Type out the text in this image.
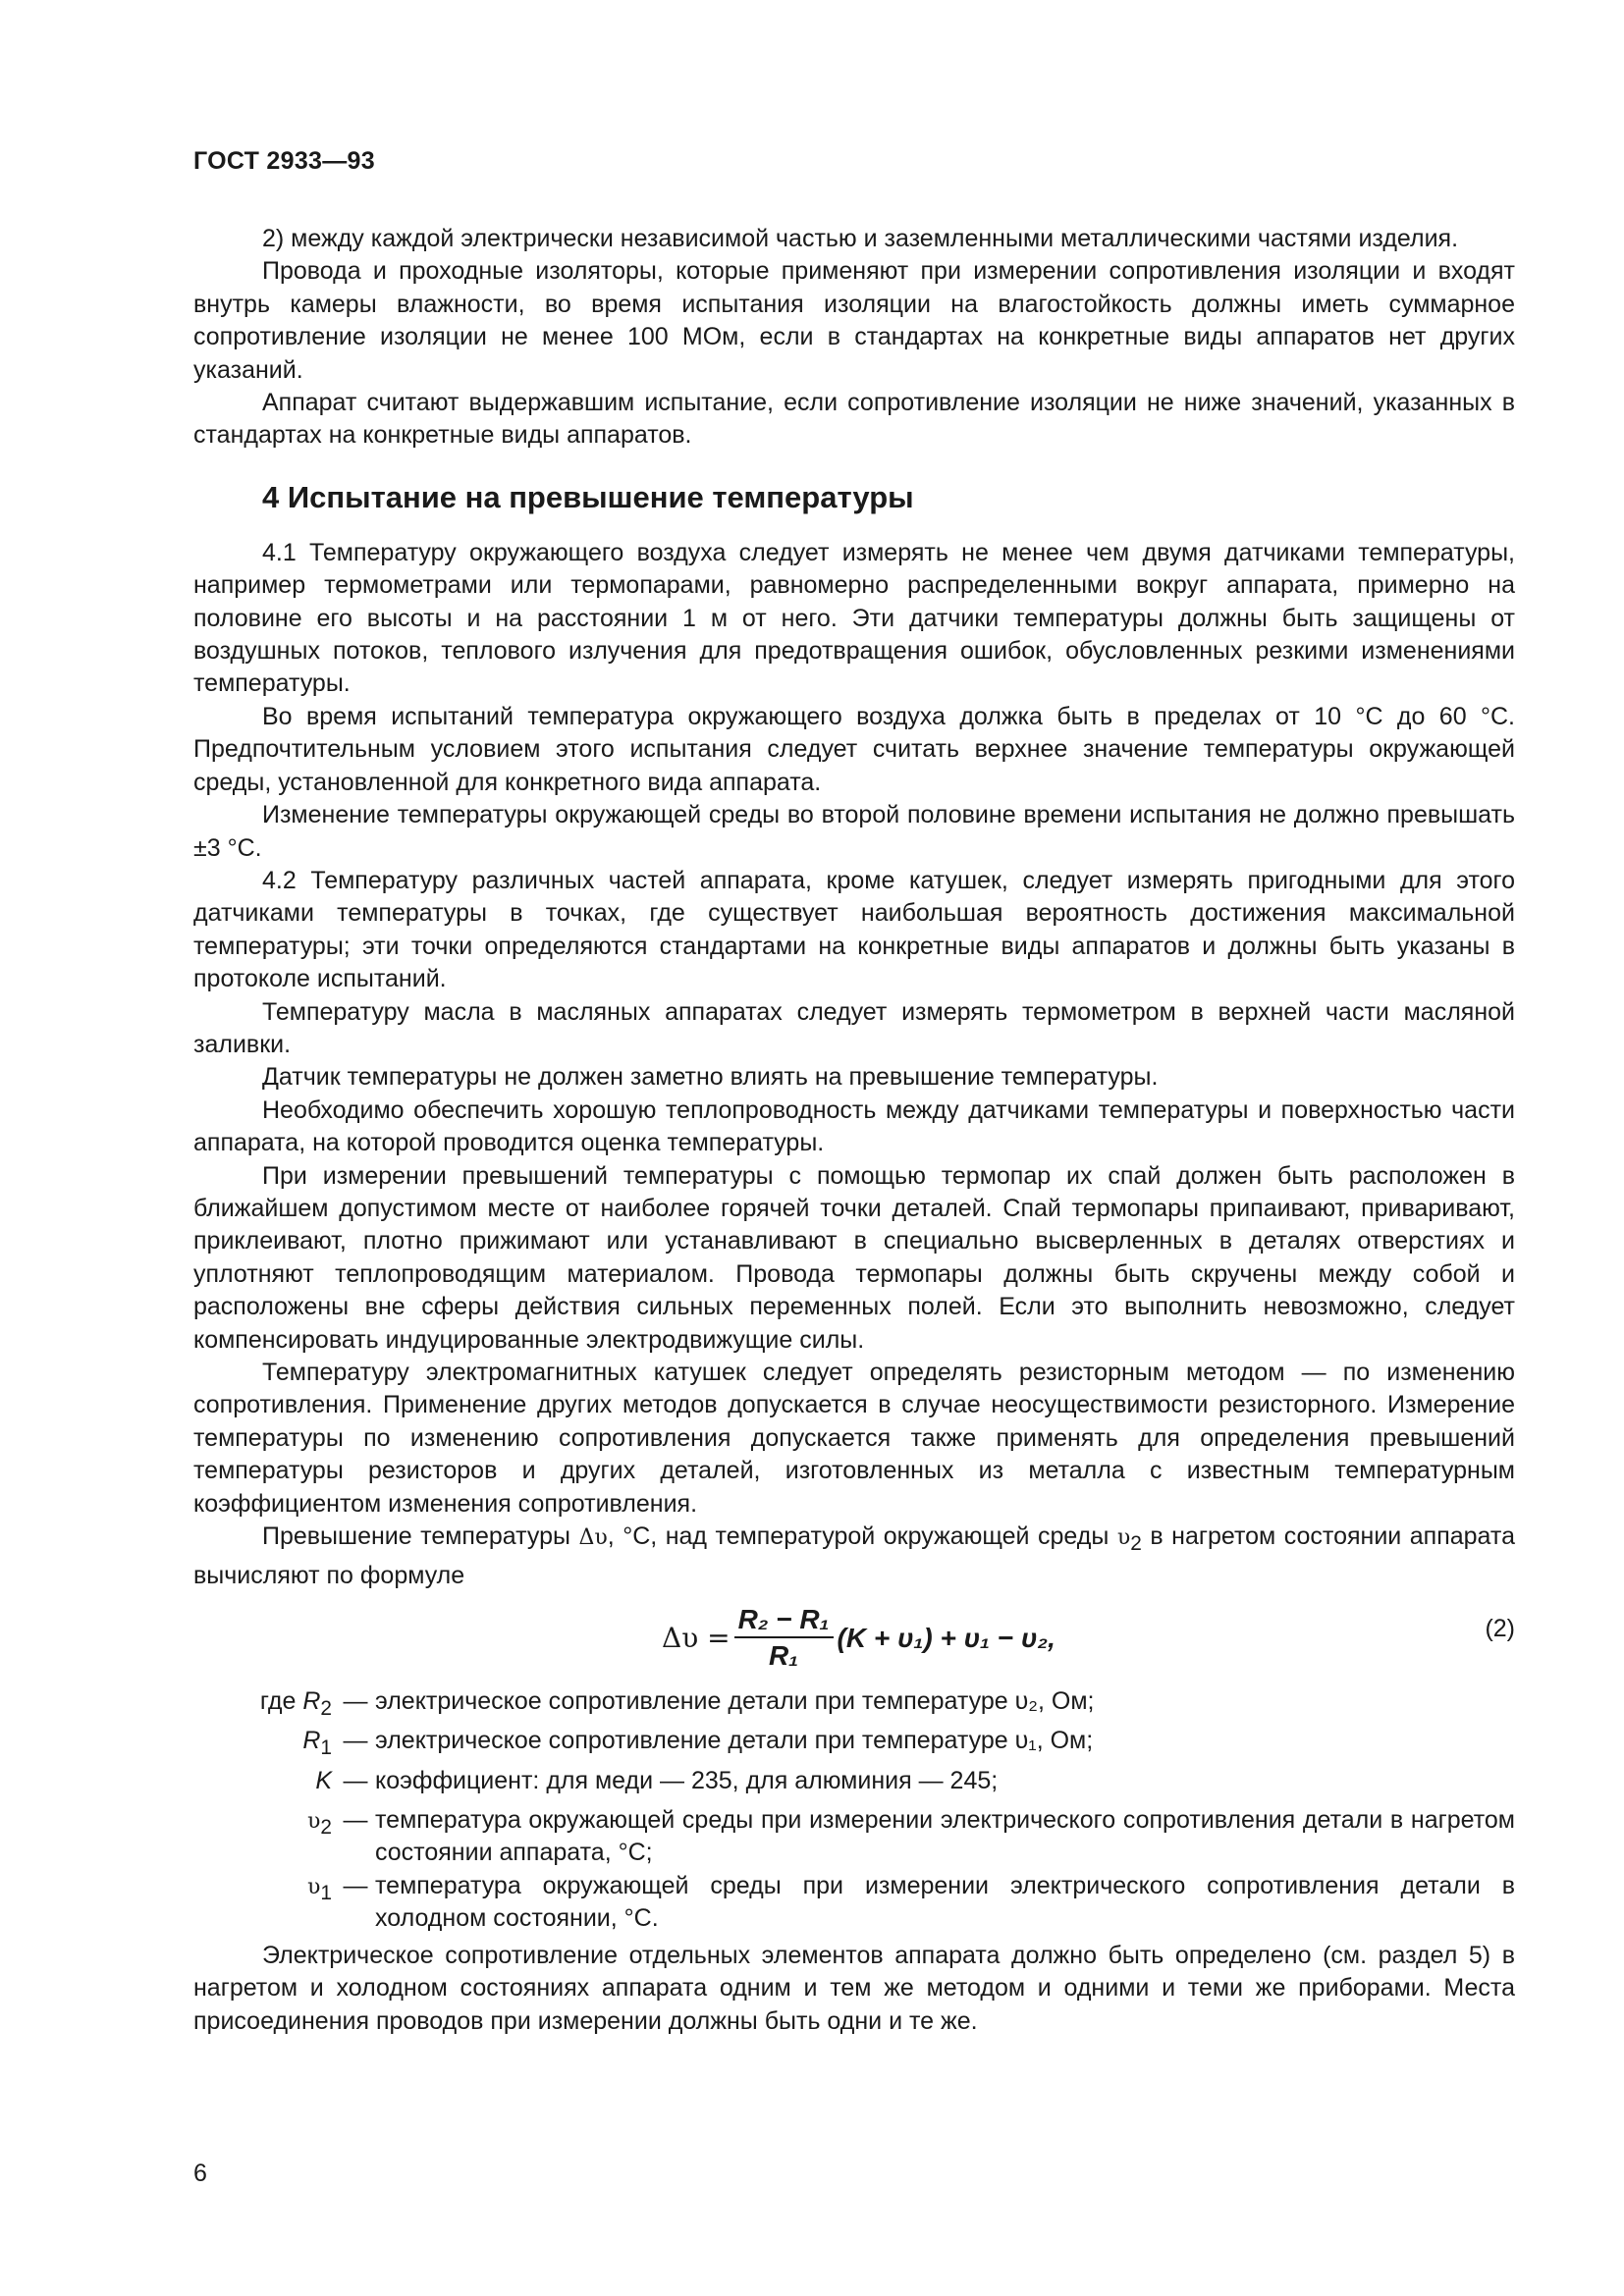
ГОСТ 2933—93

2) между каждой электрически независимой частью и заземленными металлическими частями изделия.

Провода и проходные изоляторы, которые применяют при измерении сопротивления изоляции и входят внутрь камеры влажности, во время испытания изоляции на влагостойкость должны иметь суммарное сопротивление изоляции не менее 100 МОм, если в стандартах на конкретные виды аппаратов нет других указаний.

Аппарат считают выдержавшим испытание, если сопротивление изоляции не ниже значений, указанных в стандартах на конкретные виды аппаратов.

4 Испытание на превышение температуры

4.1 Температуру окружающего воздуха следует измерять не менее чем двумя датчиками температуры, например термометрами или термопарами, равномерно распределенными вокруг аппарата, примерно на половине его высоты и на расстоянии 1 м от него. Эти датчики температуры должны быть защищены от воздушных потоков, теплового излучения для предотвращения ошибок, обусловленных резкими изменениями температуры.

Во время испытаний температура окружающего воздуха должка быть в пределах от 10 °С до 60 °С. Предпочтительным условием этого испытания следует считать верхнее значение температуры окружающей среды, установленной для конкретного вида аппарата.

Изменение температуры окружающей среды во второй половине времени испытания не должно превышать ±3 °С.

4.2 Температуру различных частей аппарата, кроме катушек, следует измерять пригодными для этого датчиками температуры в точках, где существует наибольшая вероятность достижения максимальной температуры; эти точки определяются стандартами на конкретные виды аппаратов и должны быть указаны в протоколе испытаний.

Температуру масла в масляных аппаратах следует измерять термометром в верхней части масляной заливки.

Датчик температуры не должен заметно влиять на превышение температуры.

Необходимо обеспечить хорошую теплопроводность между датчиками температуры и поверхностью части аппарата, на которой проводится оценка температуры.

При измерении превышений температуры с помощью термопар их спай должен быть расположен в ближайшем допустимом месте от наиболее горячей точки деталей. Спай термопары припаивают, приваривают, приклеивают, плотно прижимают или устанавливают в специально высверленных в деталях отверстиях и уплотняют теплопроводящим материалом. Провода термопары должны быть скручены между собой и расположены вне сферы действия сильных переменных полей. Если это выполнить невозможно, следует компенсировать индуцированные электродвижущие силы.

Температуру электромагнитных катушек следует определять резисторным методом — по изменению сопротивления. Применение других методов допускается в случае неосуществимости резисторного. Измерение температуры по изменению сопротивления допускается также применять для определения превышений температуры резисторов и других деталей, изготовленных из металла с известным температурным коэффициентом изменения сопротивления.

Превышение температуры Δυ, °С, над температурой окружающей среды $\upsilon_2$ в нагретом состоянии аппарата вычисляют по формуле

$\Delta\upsilon = \frac{\text{R₂ − R₁}}{\text{R₁}} (K + \upsilon_1) + \upsilon_1 - \upsilon_2$,	(2)
где $R_2$ — электрическое сопротивление детали при температуре υ₂, Ом;
$R_1$ — электрическое сопротивление детали при температуре υ₁, Ом;
K — коэффициент: для меди — 235, для алюминия — 245;
$\upsilon_2$ — температура окружающей среды при измерении электрического сопротивления детали в нагретом состоянии аппарата, °С;
$\upsilon_1$ — температура окружающей среды при измерении электрического сопротивления детали в холодном состоянии, °С.

Электрическое сопротивление отдельных элементов аппарата должно быть определено (см. раздел 5) в нагретом и холодном состояниях аппарата одним и тем же методом и одними и теми же приборами. Места присоединения проводов при измерении должны быть одни и те же.

6
